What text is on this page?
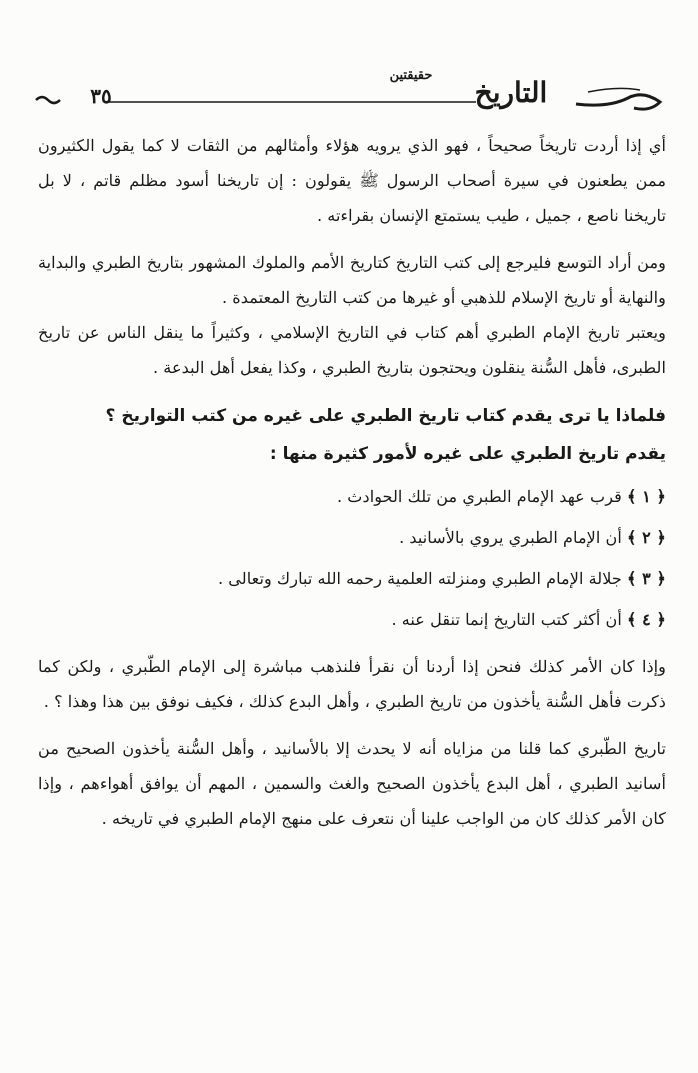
حقيقتين
التاريخ
٣٥

أي إذا أردت تاريخاً صحيحاً ، فهو الذي يرويه هؤلاء وأمثالهم من الثقات لا كما يقول الكثيرون ممن يطعنون في سيرة أصحاب الرسول ﷺ يقولون : إن تاريخنا أسود مظلم قاتم ، لا بل تاريخنا ناصع ، جميل ، طيب يستمتع الإنسان بقراءته .

ومن أراد التوسع فليرجع إلى كتب التاريخ كتاريخ الأمم والملوك المشهور بتاريخ الطبري والبداية والنهاية أو تاريخ الإسلام للذهبي أو غيرها من كتب التاريخ المعتمدة .

ويعتبر تاريخ الإمام الطبري أهم كتاب في التاريخ الإسلامي ، وكثيراً ما ينقل الناس عن تاريخ الطبرى، فأهل السُّنة ينقلون ويحتجون بتاريخ الطبري ، وكذا يفعل أهل البدعة .

فلماذا يا ترى يقدم كتاب تاريخ الطبري على غيره من كتب التواريخ ؟

يقدم تاريخ الطبري على غيره لأمور كثيرة منها :

﴿ ١ ﴾ قرب عهد الإمام الطبري من تلك الحوادث .
﴿ ٢ ﴾ أن الإمام الطبري يروي بالأسانيد .
﴿ ٣ ﴾ جلالة الإمام الطبري ومنزلته العلمية رحمه الله تبارك وتعالى .
﴿ ٤ ﴾ أن أكثر كتب التاريخ إنما تنقل عنه .

وإذا كان الأمر كذلك فنحن إذا أردنا أن نقرأ فلنذهب مباشرة إلى الإمام الطّبري ، ولكن كما ذكرت فأهل السُّنة يأخذون من تاريخ الطبري ، وأهل البدع كذلك ، فكيف نوفق بين هذا وهذا ؟ .

تاريخ الطّبري كما قلنا من مزاياه أنه لا يحدث إلا بالأسانيد ، وأهل السُّنة يأخذون الصحيح من أسانيد الطبري ، أهل البدع يأخذون الصحيح والغث والسمين ، المهم أن يوافق أهواءهم ، وإذا كان الأمر كذلك كان من الواجب علينا أن نتعرف على منهج الإمام الطبري في تاريخه .
